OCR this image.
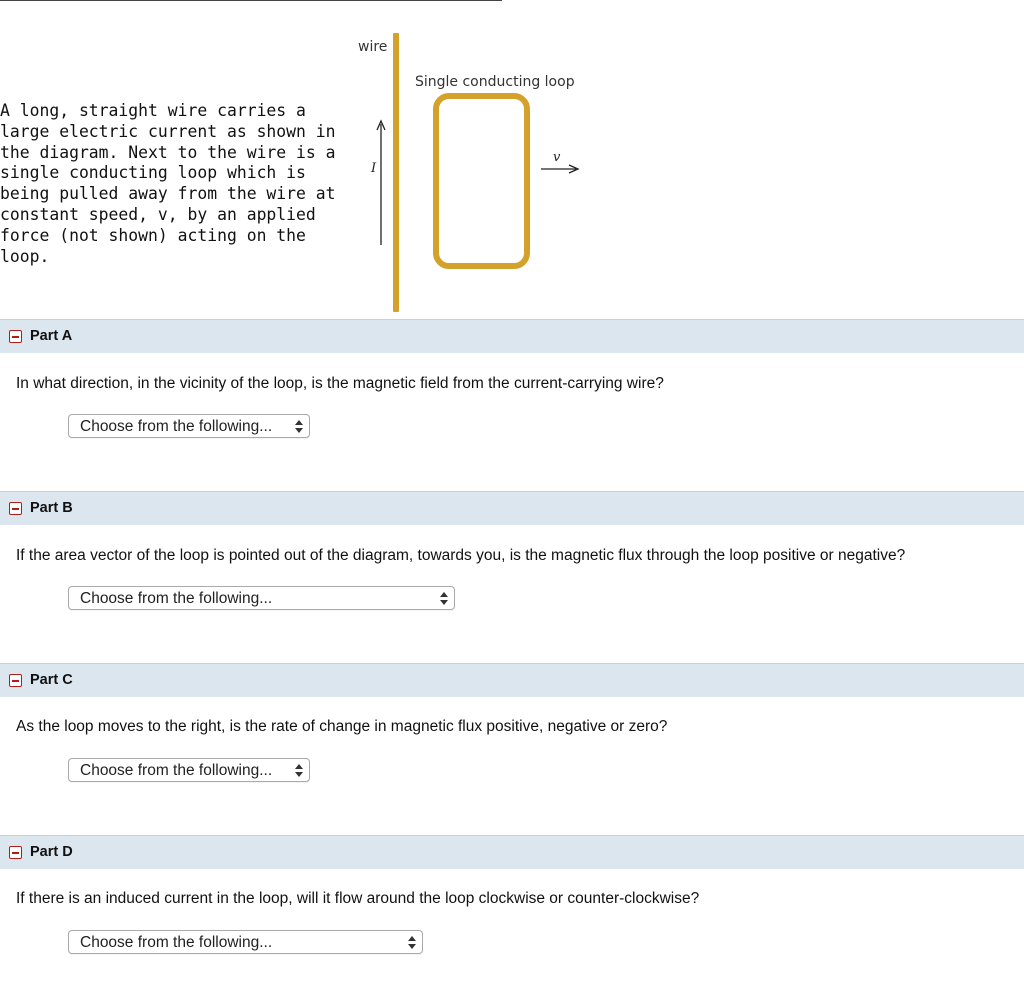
A long, straight wire carries a large electric current as shown in the diagram. Next to the wire is a single conducting loop which is being pulled away from the wire at constant speed, v, by an applied force (not shown) acting on the loop.
wire
Single conducting loop
I
v
Part A
In what direction, in the vicinity of the loop, is the magnetic field from the current-carrying wire?
Choose from the following...
Part B
If the area vector of the loop is pointed out of the diagram, towards you, is the magnetic flux through the loop positive or negative?
Choose from the following...
Part C
As the loop moves to the right, is the rate of change in magnetic flux positive, negative or zero?
Choose from the following...
Part D
If there is an induced current in the loop, will it flow around the loop clockwise or counter-clockwise?
Choose from the following...
